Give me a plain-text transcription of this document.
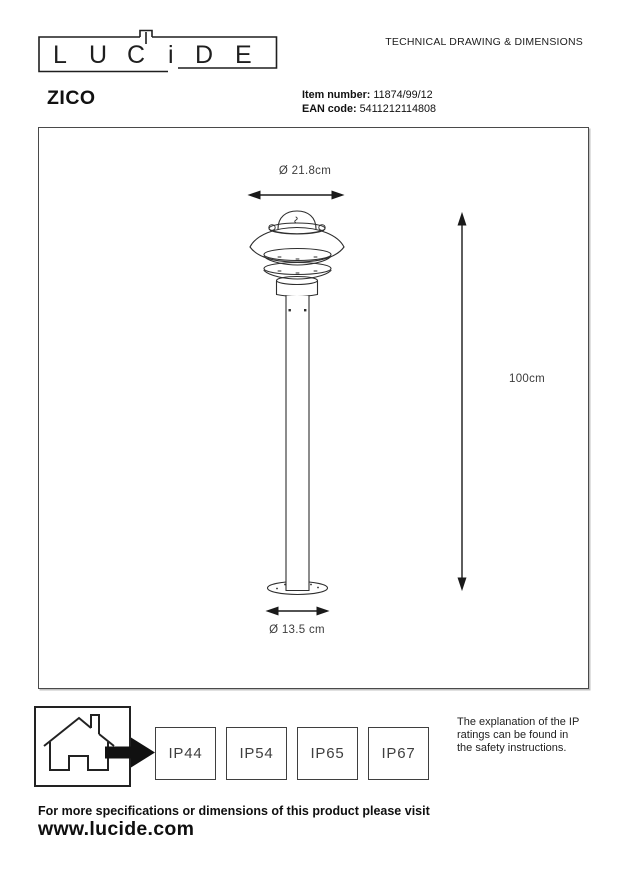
L U C i D E	TECHNICAL DRAWING & DIMENSIONS
ZICO	Item number: 11874/99/12
EAN code: 5411212114808
Ø 21.8cm
100cm
Ø 13.5 cm
IP44	IP54	IP65	IP67
The explanation of the IP ratings can be found in the safety instructions.
For more specifications or dimensions of this product please visit
www.lucide.com
